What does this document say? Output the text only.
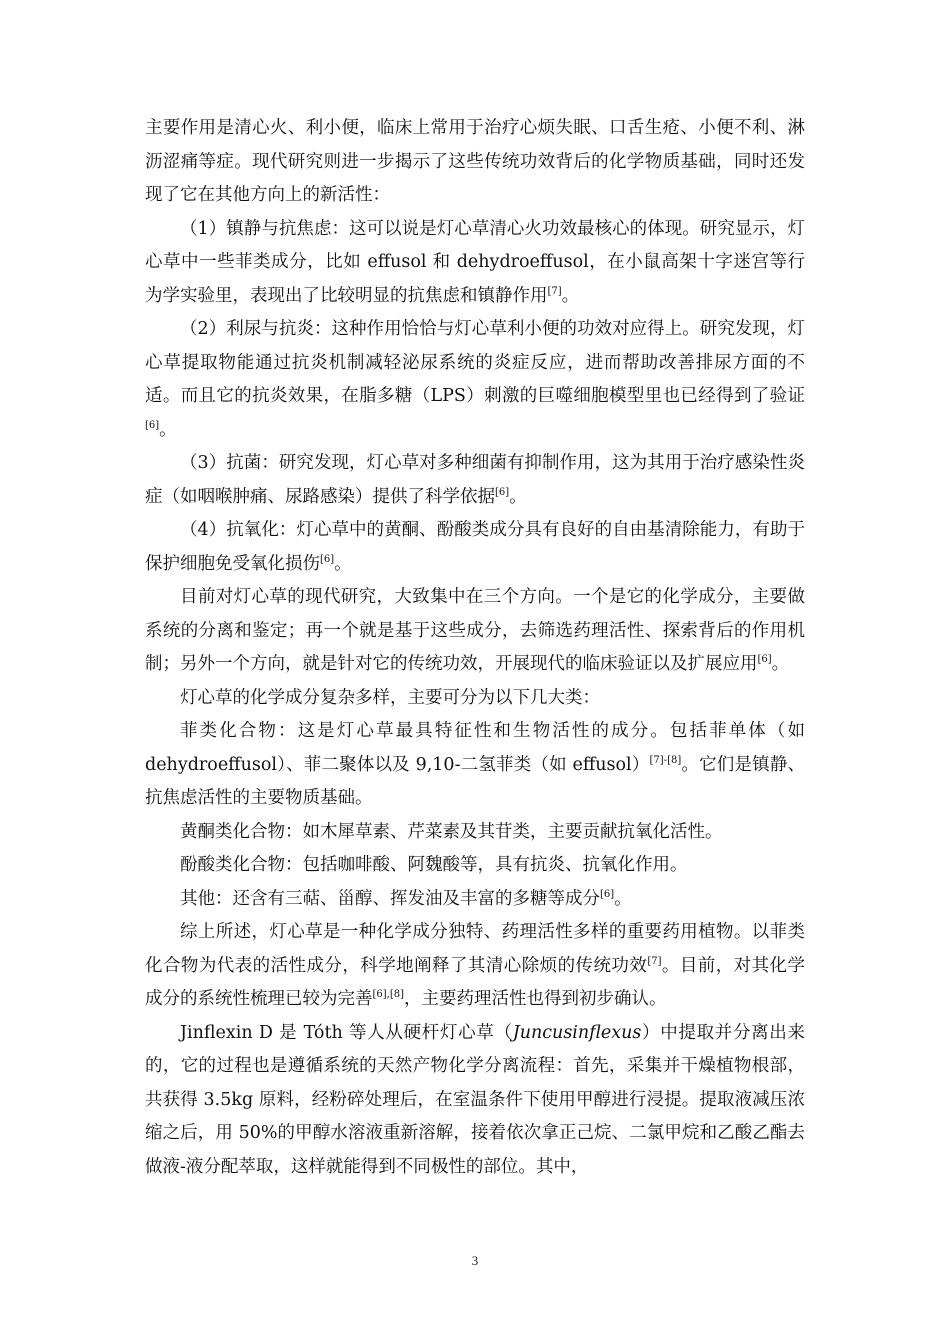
主要作用是清心火、利小便，临床上常用于治疗心烦失眠、口舌生疮、小便不利、淋沥涩痛等症。现代研究则进一步揭示了这些传统功效背后的化学物质基础，同时还发现了它在其他方向上的新活性：

（1）镇静与抗焦虑：这可以说是灯心草清心火功效最核心的体现。研究显示，灯心草中一些菲类成分，比如 effusol 和 dehydroeffusol，在小鼠高架十字迷宫等行为学实验里，表现出了比较明显的抗焦虑和镇静作用[7]。

（2）利尿与抗炎：这种作用恰恰与灯心草利小便的功效对应得上。研究发现，灯心草提取物能通过抗炎机制减轻泌尿系统的炎症反应，进而帮助改善排尿方面的不适。而且它的抗炎效果，在脂多糖（LPS）刺激的巨噬细胞模型里也已经得到了验证[6]。

（3）抗菌：研究发现，灯心草对多种细菌有抑制作用，这为其用于治疗感染性炎症（如咽喉肿痛、尿路感染）提供了科学依据[6]。

（4）抗氧化：灯心草中的黄酮、酚酸类成分具有良好的自由基清除能力，有助于保护细胞免受氧化损伤[6]。

目前对灯心草的现代研究，大致集中在三个方向。一个是它的化学成分，主要做系统的分离和鉴定；再一个就是基于这些成分，去筛选药理活性、探索背后的作用机制；另外一个方向，就是针对它的传统功效，开展现代的临床验证以及扩展应用[6]。

灯心草的化学成分复杂多样，主要可分为以下几大类：

菲类化合物：这是灯心草最具特征性和生物活性的成分。包括菲单体（如 dehydroeffusol）、菲二聚体以及 9,10-二氢菲类（如 effusol）[7]-[8]。它们是镇静、抗焦虑活性的主要物质基础。

黄酮类化合物：如木犀草素、芹菜素及其苷类，主要贡献抗氧化活性。

酚酸类化合物：包括咖啡酸、阿魏酸等，具有抗炎、抗氧化作用。

其他：还含有三萜、甾醇、挥发油及丰富的多糖等成分[6]。

综上所述，灯心草是一种化学成分独特、药理活性多样的重要药用植物。以菲类化合物为代表的活性成分，科学地阐释了其清心除烦的传统功效[7]。目前，对其化学成分的系统性梳理已较为完善[6],[8]，主要药理活性也得到初步确认。

Jinflexin D 是 Tóth 等人从硬杆灯心草（Juncusinflexus）中提取并分离出来的，它的过程也是遵循系统的天然产物化学分离流程：首先，采集并干燥植物根部，共获得 3.5kg 原料，经粉碎处理后，在室温条件下使用甲醇进行浸提。提取液减压浓缩之后，用 50%的甲醇水溶液重新溶解，接着依次拿正己烷、二氯甲烷和乙酸乙酯去做液-液分配萃取，这样就能得到不同极性的部位。其中，

3
